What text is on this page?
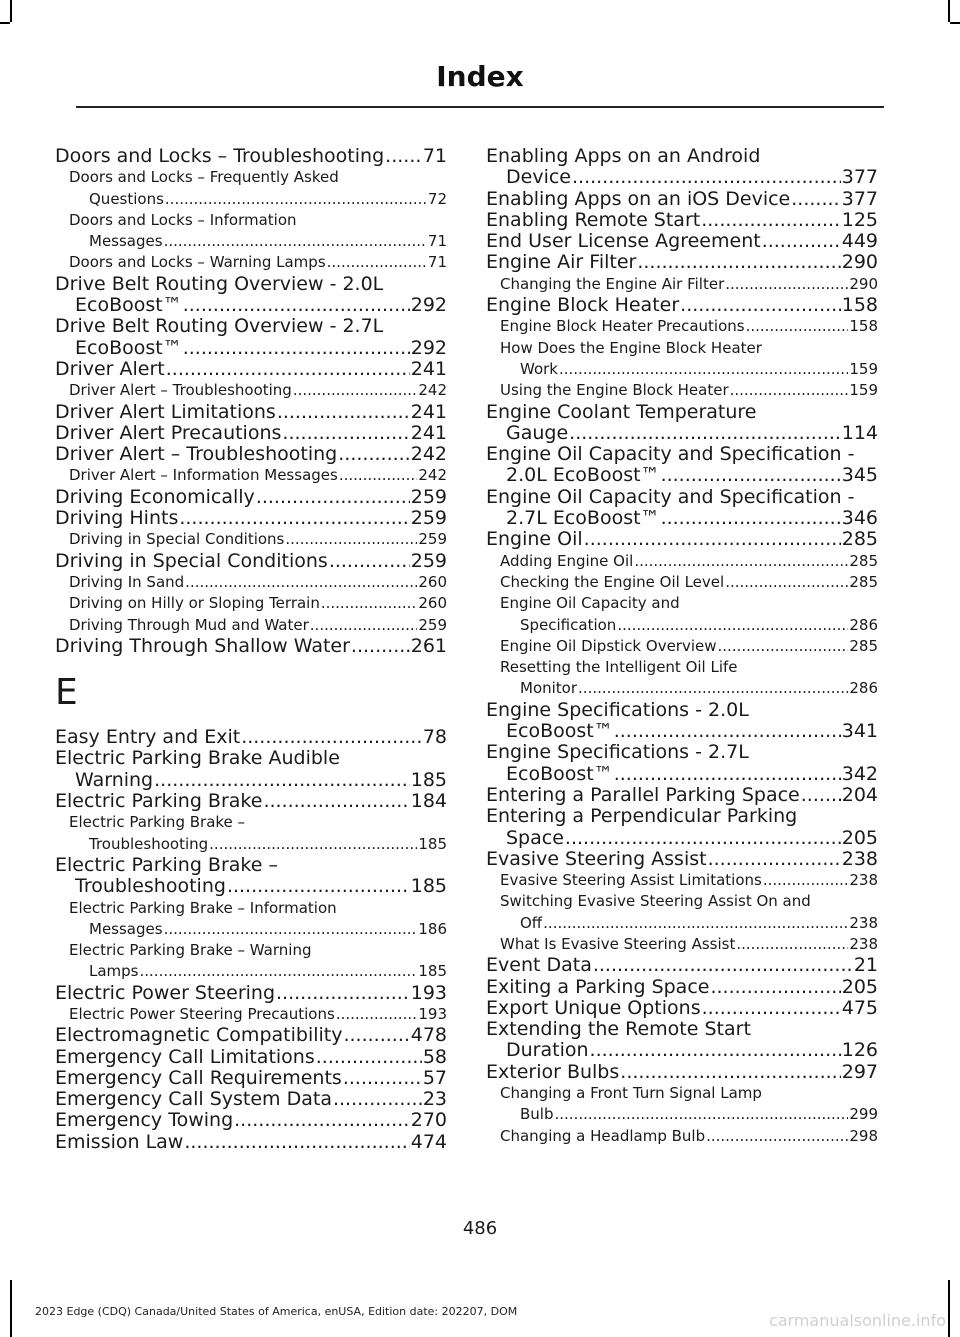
Index
Doors and Locks – Troubleshooting ..... 71
Doors and Locks – Frequently Asked
Questions .....	72
Doors and Locks – Information
Messages .....	71
Doors and Locks – Warning Lamps .....	71
Drive Belt Routing Overview - 2.0L
EcoBoost™ .....	292
Drive Belt Routing Overview - 2.7L
EcoBoost™ .....	292
Driver Alert .....	241
Driver Alert – Troubleshooting .....	242
Driver Alert Limitations .....	241
Driver Alert Precautions .....	241
Driver Alert – Troubleshooting .....	242
Driver Alert – Information Messages .....	242
Driving Economically .....	259
Driving Hints .....	259
Driving in Special Conditions .....	259
Driving in Special Conditions .....	259
Driving In Sand .....	260
Driving on Hilly or Sloping Terrain .....	260
Driving Through Mud and Water .....	259
Driving Through Shallow Water .....	261
E
Easy Entry and Exit .....	78
Electric Parking Brake Audible
Warning .....	185
Electric Parking Brake .....	184
Electric Parking Brake –
Troubleshooting .....	185
Electric Parking Brake –
Troubleshooting .....	185
Electric Parking Brake – Information
Messages .....	186
Electric Parking Brake – Warning
Lamps .....	185
Electric Power Steering .....	193
Electric Power Steering Precautions .....	193
Electromagnetic Compatibility .....	478
Emergency Call Limitations .....	58
Emergency Call Requirements .....	57
Emergency Call System Data .....	23
Emergency Towing .....	270
Emission Law .....	474
Enabling Apps on an Android
Device .....	377
Enabling Apps on an iOS Device .....	377
Enabling Remote Start .....	125
End User License Agreement .....	449
Engine Air Filter .....	290
Changing the Engine Air Filter .....	290
Engine Block Heater .....	158
Engine Block Heater Precautions .....	158
How Does the Engine Block Heater
Work .....	159
Using the Engine Block Heater .....	159
Engine Coolant Temperature
Gauge .....	114
Engine Oil Capacity and Specification -
2.0L EcoBoost™ .....	345
Engine Oil Capacity and Specification -
2.7L EcoBoost™ .....	346
Engine Oil .....	285
Adding Engine Oil .....	285
Checking the Engine Oil Level .....	285
Engine Oil Capacity and
Specification .....	286
Engine Oil Dipstick Overview .....	285
Resetting the Intelligent Oil Life
Monitor .....	286
Engine Specifications - 2.0L
EcoBoost™ .....	341
Engine Specifications - 2.7L
EcoBoost™ .....	342
Entering a Parallel Parking Space ..... 204
Entering a Perpendicular Parking
Space .....	205
Evasive Steering Assist .....	238
Evasive Steering Assist Limitations .....	238
Switching Evasive Steering Assist On and
Off .....	238
What Is Evasive Steering Assist .....	238
Event Data .....	21
Exiting a Parking Space .....	205
Export Unique Options .....	475
Extending the Remote Start
Duration .....	126
Exterior Bulbs .....	297
Changing a Front Turn Signal Lamp
Bulb .....	299
Changing a Headlamp Bulb .....	298
486
2023 Edge (CDQ) Canada/United States of America, enUSA, Edition date: 202207, DOM	carmanualsonline.info
